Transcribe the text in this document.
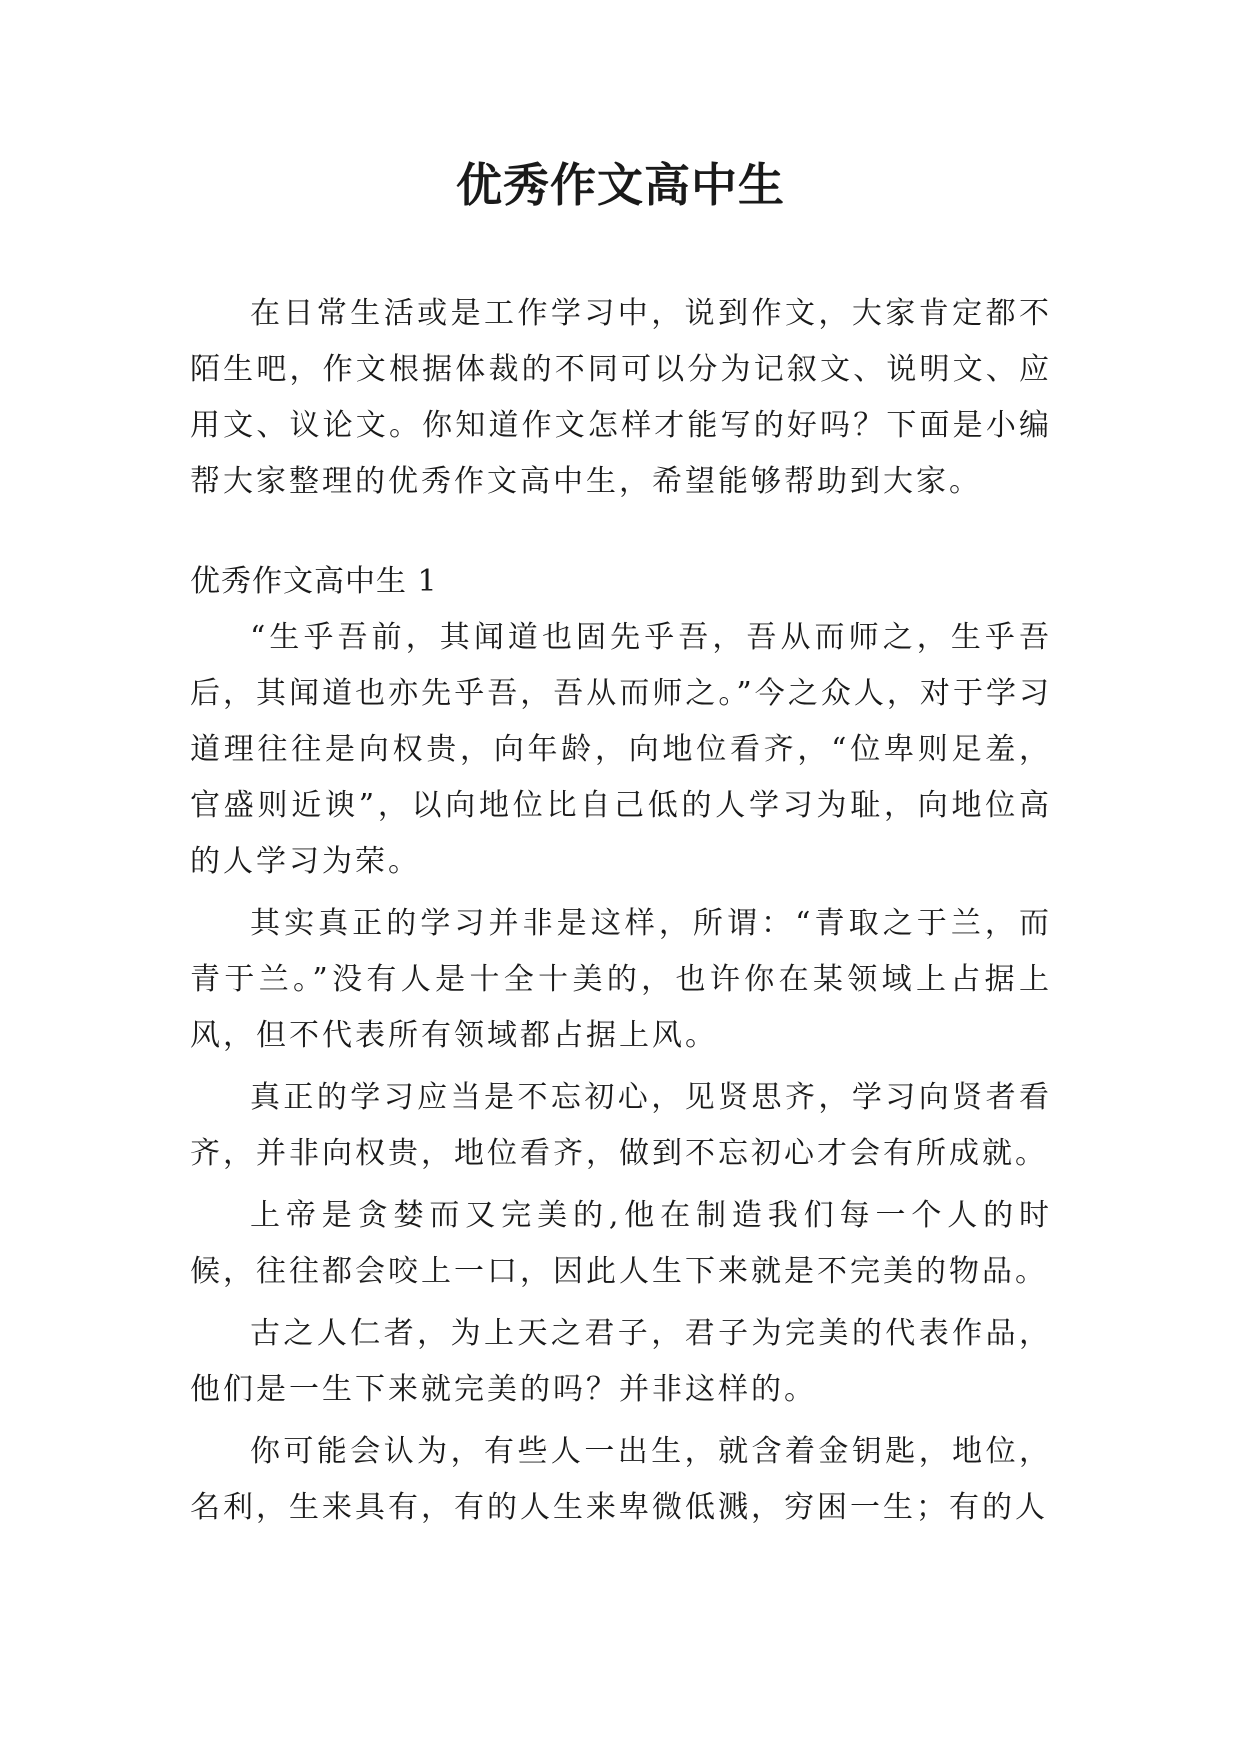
优秀作文高中生

在日常生活或是工作学习中，说到作文，大家肯定都不陌生吧，作文根据体裁的不同可以分为记叙文、说明文、应用文、议论文。你知道作文怎样才能写的好吗？下面是小编帮大家整理的优秀作文高中生，希望能够帮助到大家。

优秀作文高中生 1

“生乎吾前，其闻道也固先乎吾，吾从而师之，生乎吾后，其闻道也亦先乎吾，吾从而师之。”今之众人，对于学习道理往往是向权贵，向年龄，向地位看齐，“位卑则足羞，官盛则近谀”，以向地位比自己低的人学习为耻，向地位高的人学习为荣。

其实真正的学习并非是这样，所谓：“青取之于兰，而青于兰。”没有人是十全十美的，也许你在某领域上占据上风，但不代表所有领域都占据上风。

真正的学习应当是不忘初心，见贤思齐，学习向贤者看齐，并非向权贵，地位看齐，做到不忘初心才会有所成就。

上帝是贪婪而又完美的,他在制造我们每一个人的时候，往往都会咬上一口，因此人生下来就是不完美的物品。

古之人仁者，为上天之君子，君子为完美的代表作品，他们是一生下来就完美的吗？并非这样的。

你可能会认为，有些人一出生，就含着金钥匙，地位，名利，生来具有，有的人生来卑微低溅，穷困一生；有的人
